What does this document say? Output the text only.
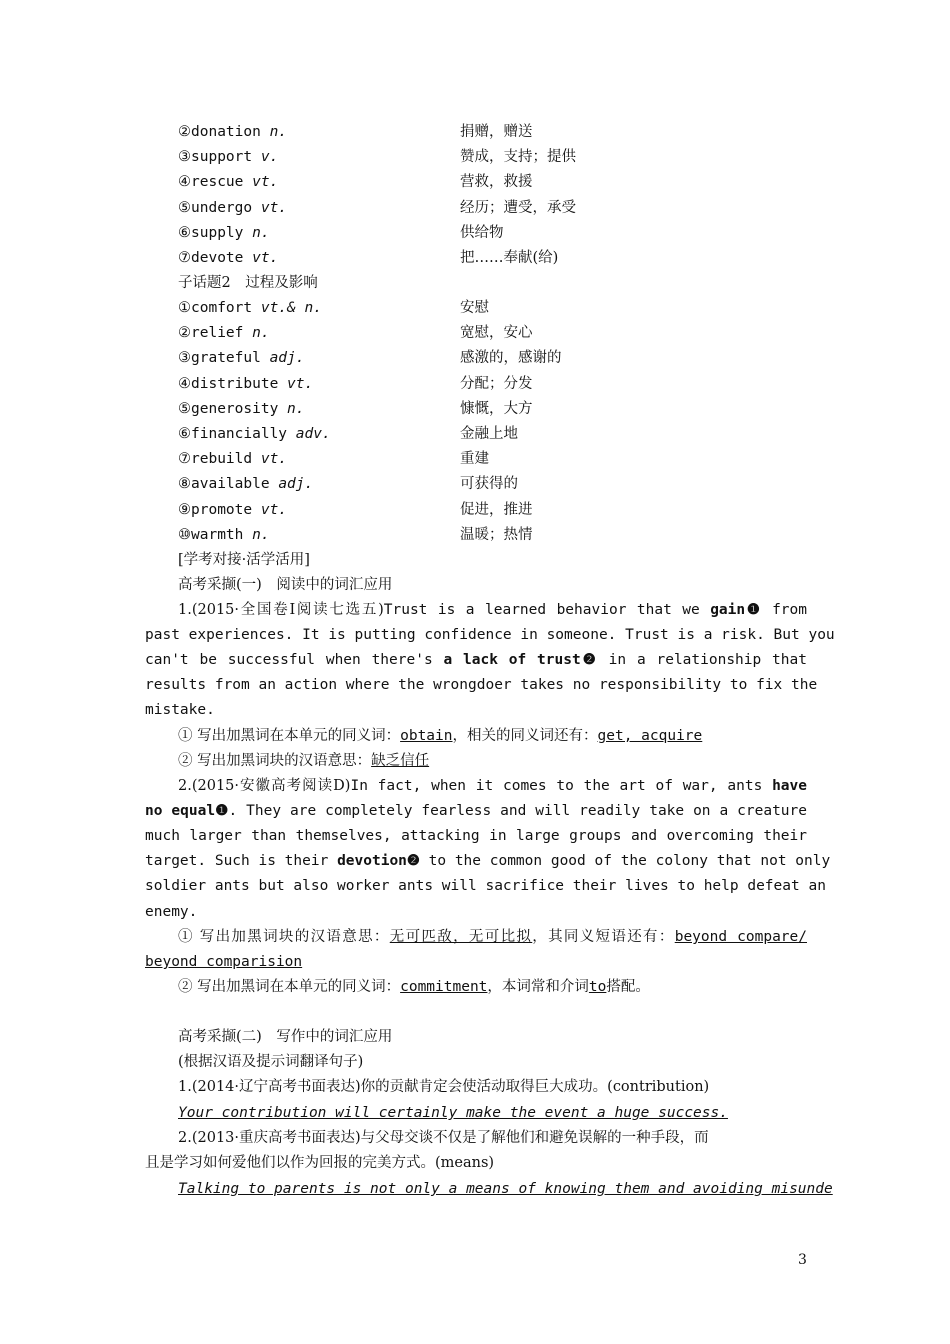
②donation n.	捐赠，赠送
③support v.	赞成，支持；提供
④rescue vt.	营救，救援
⑤undergo vt.	经历；遭受，承受
⑥supply n.	供给物
⑦devote vt.	把……奉献(给)
子话题2　过程及影响
①comfort vt.& n.	安慰
②relief n.	宽慰，安心
③grateful adj.	感激的，感谢的
④distribute vt.	分配；分发
⑤generosity n.	慷慨，大方
⑥financially adv.	金融上地
⑦rebuild vt.	重建
⑧available adj.	可获得的
⑨promote vt.	促进，推进
⑩warmth n.	温暖；热情
[学考对接·活学活用]
高考采撷(一)　阅读中的词汇应用
1.(2015·全国卷Ⅰ阅读七选五)Trust is a learned behavior that we gain❶ from
past experiences. It is putting confidence in someone. Trust is a risk. But you
can't be successful when there's a lack of trust❷ in a relationship that
results from an action where the wrongdoer takes no responsibility to fix the
mistake.
① 写出加黑词在本单元的同义词：obtain，相关的同义词还有：get, acquire
② 写出加黑词块的汉语意思：缺乏信任
2.(2015·安徽高考阅读D)In fact, when it comes to the art of war, ants have
no equal❶. They are completely fearless and will readily take on a creature
much larger than themselves, attacking in large groups and overcoming their
target. Such is their devotion❷ to the common good of the colony that not only
soldier ants but also worker ants will sacrifice their lives to help defeat an
enemy.
① 写出加黑词块的汉语意思：无可匹敌，无可比拟，其同义短语还有：beyond compare/
beyond comparision
② 写出加黑词在本单元的同义词：commitment，本词常和介词to搭配。
高考采撷(二)　写作中的词汇应用
(根据汉语及提示词翻译句子)
1.(2014·辽宁高考书面表达)你的贡献肯定会使活动取得巨大成功。(contribution)
Your contribution will certainly make the event a huge success.
2.(2013·重庆高考书面表达)与父母交谈不仅是了解他们和避免误解的一种手段，而
且是学习如何爱他们以作为回报的完美方式。(means)
Talking to parents is not only a means of knowing them and avoiding misunde
3
